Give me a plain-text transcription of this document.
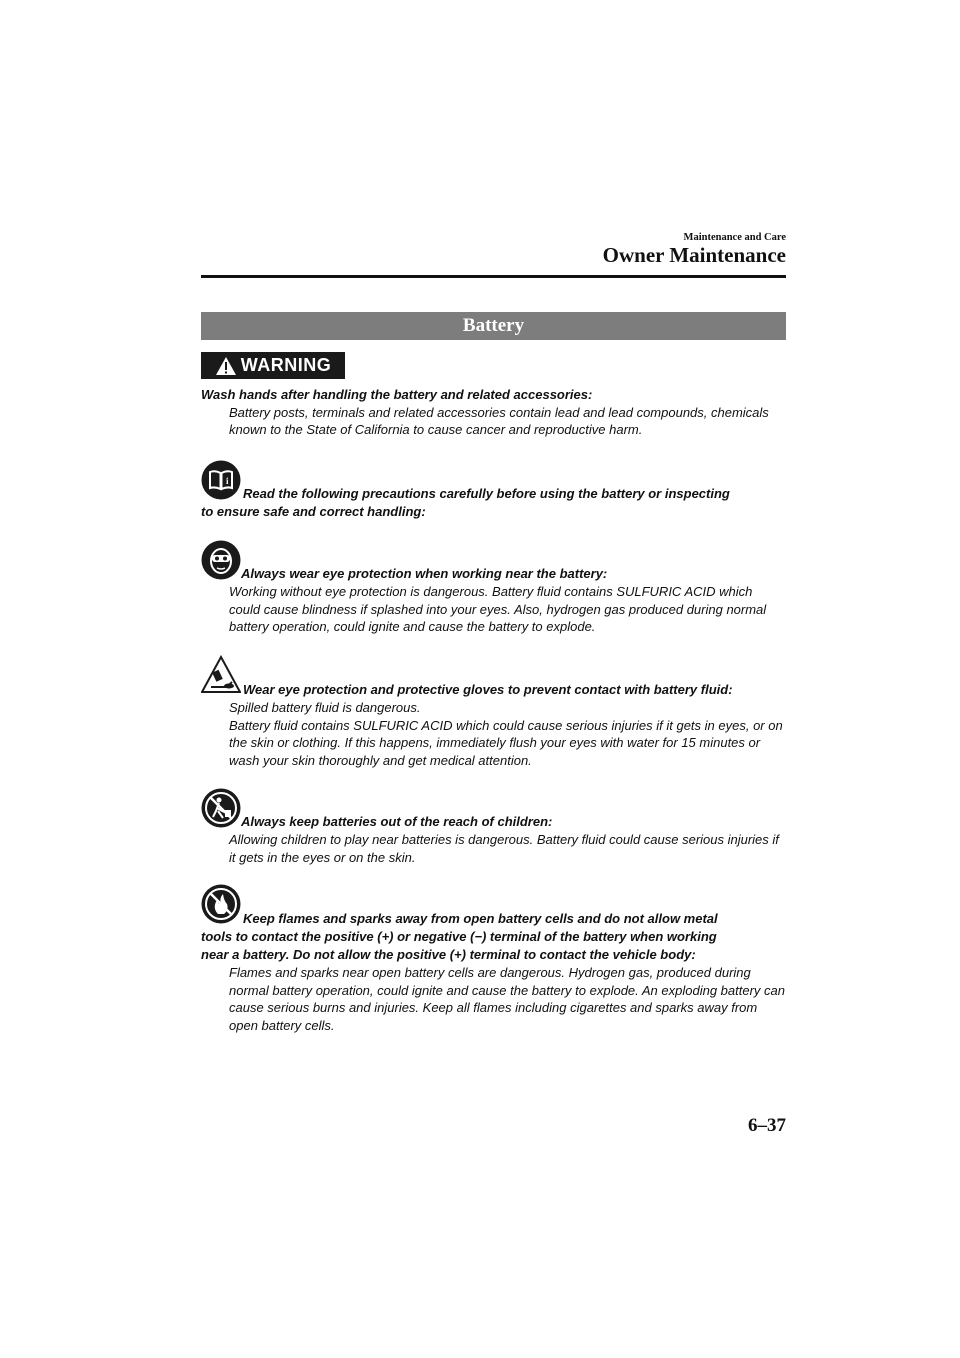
Maintenance and Care
Owner Maintenance
Battery
WARNING
Wash hands after handling the battery and related accessories:
Battery posts, terminals and related accessories contain lead and lead compounds, chemicals known to the State of California to cause cancer and reproductive harm.
i
Read the following precautions carefully before using the battery or inspecting
to ensure safe and correct handling:
Always wear eye protection when working near the battery:
Working without eye protection is dangerous. Battery fluid contains SULFURIC ACID which could cause blindness if splashed into your eyes. Also, hydrogen gas produced during normal battery operation, could ignite and cause the battery to explode.
Wear eye protection and protective gloves to prevent contact with battery fluid:
Spilled battery fluid is dangerous.
Battery fluid contains SULFURIC ACID which could cause serious injuries if it gets in eyes, or on the skin or clothing. If this happens, immediately flush your eyes with water for 15 minutes or wash your skin thoroughly and get medical attention.
Always keep batteries out of the reach of children:
Allowing children to play near batteries is dangerous. Battery fluid could cause serious injuries if it gets in the eyes or on the skin.
Keep flames and sparks away from open battery cells and do not allow metal
tools to contact the positive (+) or negative (−) terminal of the battery when working
near a battery. Do not allow the positive (+) terminal to contact the vehicle body:
Flames and sparks near open battery cells are dangerous. Hydrogen gas, produced during normal battery operation, could ignite and cause the battery to explode. An exploding battery can cause serious burns and injuries. Keep all flames including cigarettes and sparks away from open battery cells.
6–37
